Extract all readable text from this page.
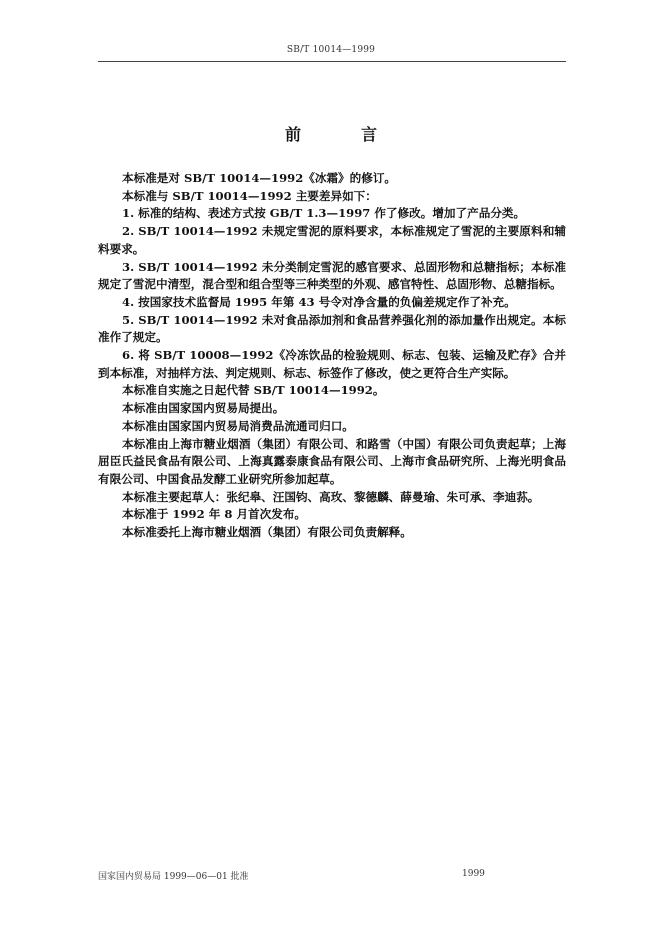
SB/T 10014—1999
前　言

本标准是对 SB/T 10014—1992《冰霜》的修订。

本标准与 SB/T 10014—1992 主要差异如下：

1. 标准的结构、表述方式按 GB/T 1.3—1997 作了修改。增加了产品分类。

2. SB/T 10014—1992 未规定雪泥的原料要求，本标准规定了雪泥的主要原料和辅料要求。

3. SB/T 10014—1992 未分类制定雪泥的感官要求、总固形物和总糖指标；本标准规定了雪泥中清型，混合型和组合型等三种类型的外观、感官特性、总固形物、总糖指标。

4. 按国家技术监督局 1995 年第 43 号令对净含量的负偏差规定作了补充。

5. SB/T 10014—1992 未对食品添加剂和食品营养强化剂的添加量作出规定。本标准作了规定。

6. 将 SB/T 10008—1992《冷冻饮品的检验规则、标志、包装、运输及贮存》合并到本标准，对抽样方法、判定规则、标志、标签作了修改，使之更符合生产实际。

本标准自实施之日起代替 SB/T 10014—1992。

本标准由国家国内贸易局提出。

本标准由国家国内贸易局消费品流通司归口。

本标准由上海市糖业烟酒（集团）有限公司、和路雪（中国）有限公司负责起草；上海屈臣氏益民食品有限公司、上海真露泰康食品有限公司、上海市食品研究所、上海光明食品有限公司、中国食品发酵工业研究所参加起草。

本标准主要起草人：张纪皋、汪国钧、高玫、黎德麟、薛曼瑜、朱可承、李迪荪。

本标准于 1992 年 8 月首次发布。

本标准委托上海市糖业烟酒（集团）有限公司负责解释。

国家国内贸易局 1999—06—01 批准	1999
